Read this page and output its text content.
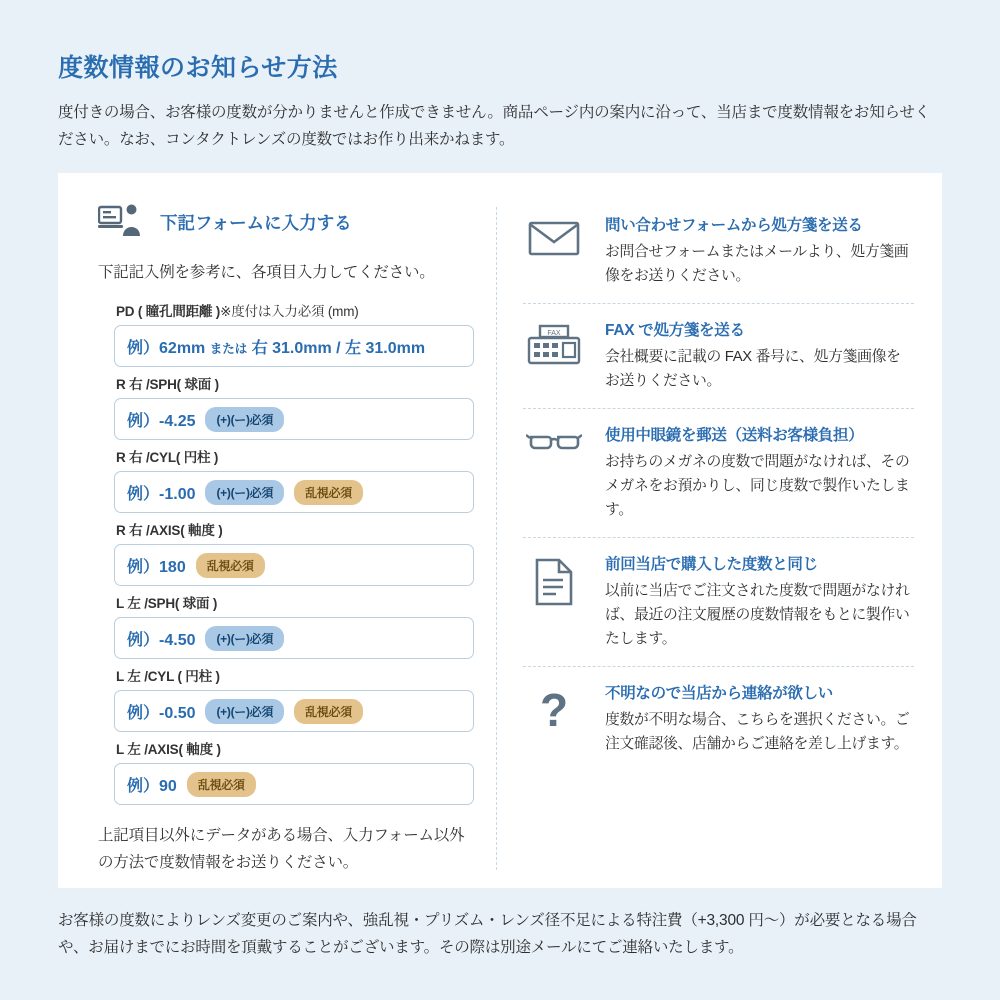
度数情報のお知らせ方法

度付きの場合、お客様の度数が分かりませんと作成できません。商品ページ内の案内に沿って、当店まで度数情報をお知らせください。なお、コンタクトレンズの度数ではお作り出来かねます。

下記フォームに入力する
下記記入例を参考に、各項目入力してください。
PD ( 瞳孔間距離 )※度付は入力必須 (mm)
例）62mm または 右 31.0mm / 左 31.0mm
R 右 /SPH( 球面 )
例）-4.25	(+)(ー)必須
R 右 /CYL( 円柱 )
例）-1.00	(+)(ー)必須	乱視必須
R 右 /AXIS( 軸度 )
例）180	乱視必須
L 左 /SPH( 球面 )
例）-4.50	(+)(ー)必須
L 左 /CYL ( 円柱 )
例）-0.50	(+)(ー)必須	乱視必須
L 左 /AXIS( 軸度 )
例）90	乱視必須
上記項目以外にデータがある場合、入力フォーム以外の方法で度数情報をお送りください。
問い合わせフォームから処方箋を送る
お問合せフォームまたはメールより、処方箋画像をお送りください。
FAX	FAX で処方箋を送る
会社概要に記載の FAX 番号に、処方箋画像をお送りください。
使用中眼鏡を郵送（送料お客様負担）
お持ちのメガネの度数で問題がなければ、そのメガネをお預かりし、同じ度数で製作いたします。
前回当店で購入した度数と同じ
以前に当店でご注文された度数で問題がなければ、最近の注文履歴の度数情報をもとに製作いたします。
? 不明なので当店から連絡が欲しい
度数が不明な場合、こちらを選択ください。ご注文確認後、店舗からご連絡を差し上げます。

お客様の度数によりレンズ変更のご案内や、強乱視・プリズム・レンズ径不足による特注費（+3,300 円〜）が必要となる場合や、お届けまでにお時間を頂戴することがございます。その際は別途メールにてご連絡いたします。
